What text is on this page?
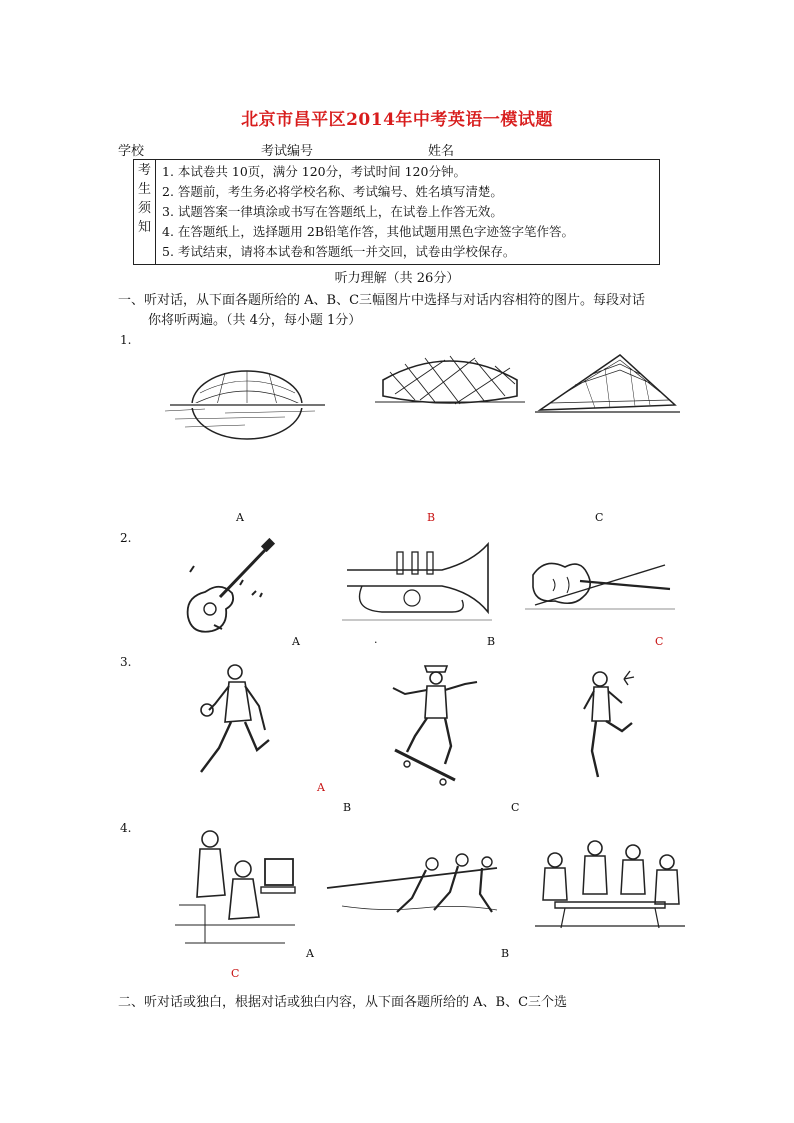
北京市昌平区2014年中考英语一模试题
学校	考试编号	姓名
考
生
须
知
1. 本试卷共 10页，满分 120分，考试时间 120分钟。
2. 答题前，考生务必将学校名称、考试编号、姓名填写清楚。
3. 试题答案一律填涂或书写在答题纸上，在试卷上作答无效。
4. 在答题纸上，选择题用 2B铅笔作答，其他试题用黑色字迹签字笔作答。
5. 考试结束，请将本试卷和答题纸一并交回，试卷由学校保存。
听力理解（共 26分）
一、听对话，从下面各题所给的 A、B、C三幅图片中选择与对话内容相符的图片。每段对话
你将听两遍。（共 4分，每小题 1分）
1.
A	B	C
2.
A	.	B	C
3.
A
B	C
4.
A	B
C
二、听对话或独白，根据对话或独白内容，从下面各题所给的 A、B、C三个选
